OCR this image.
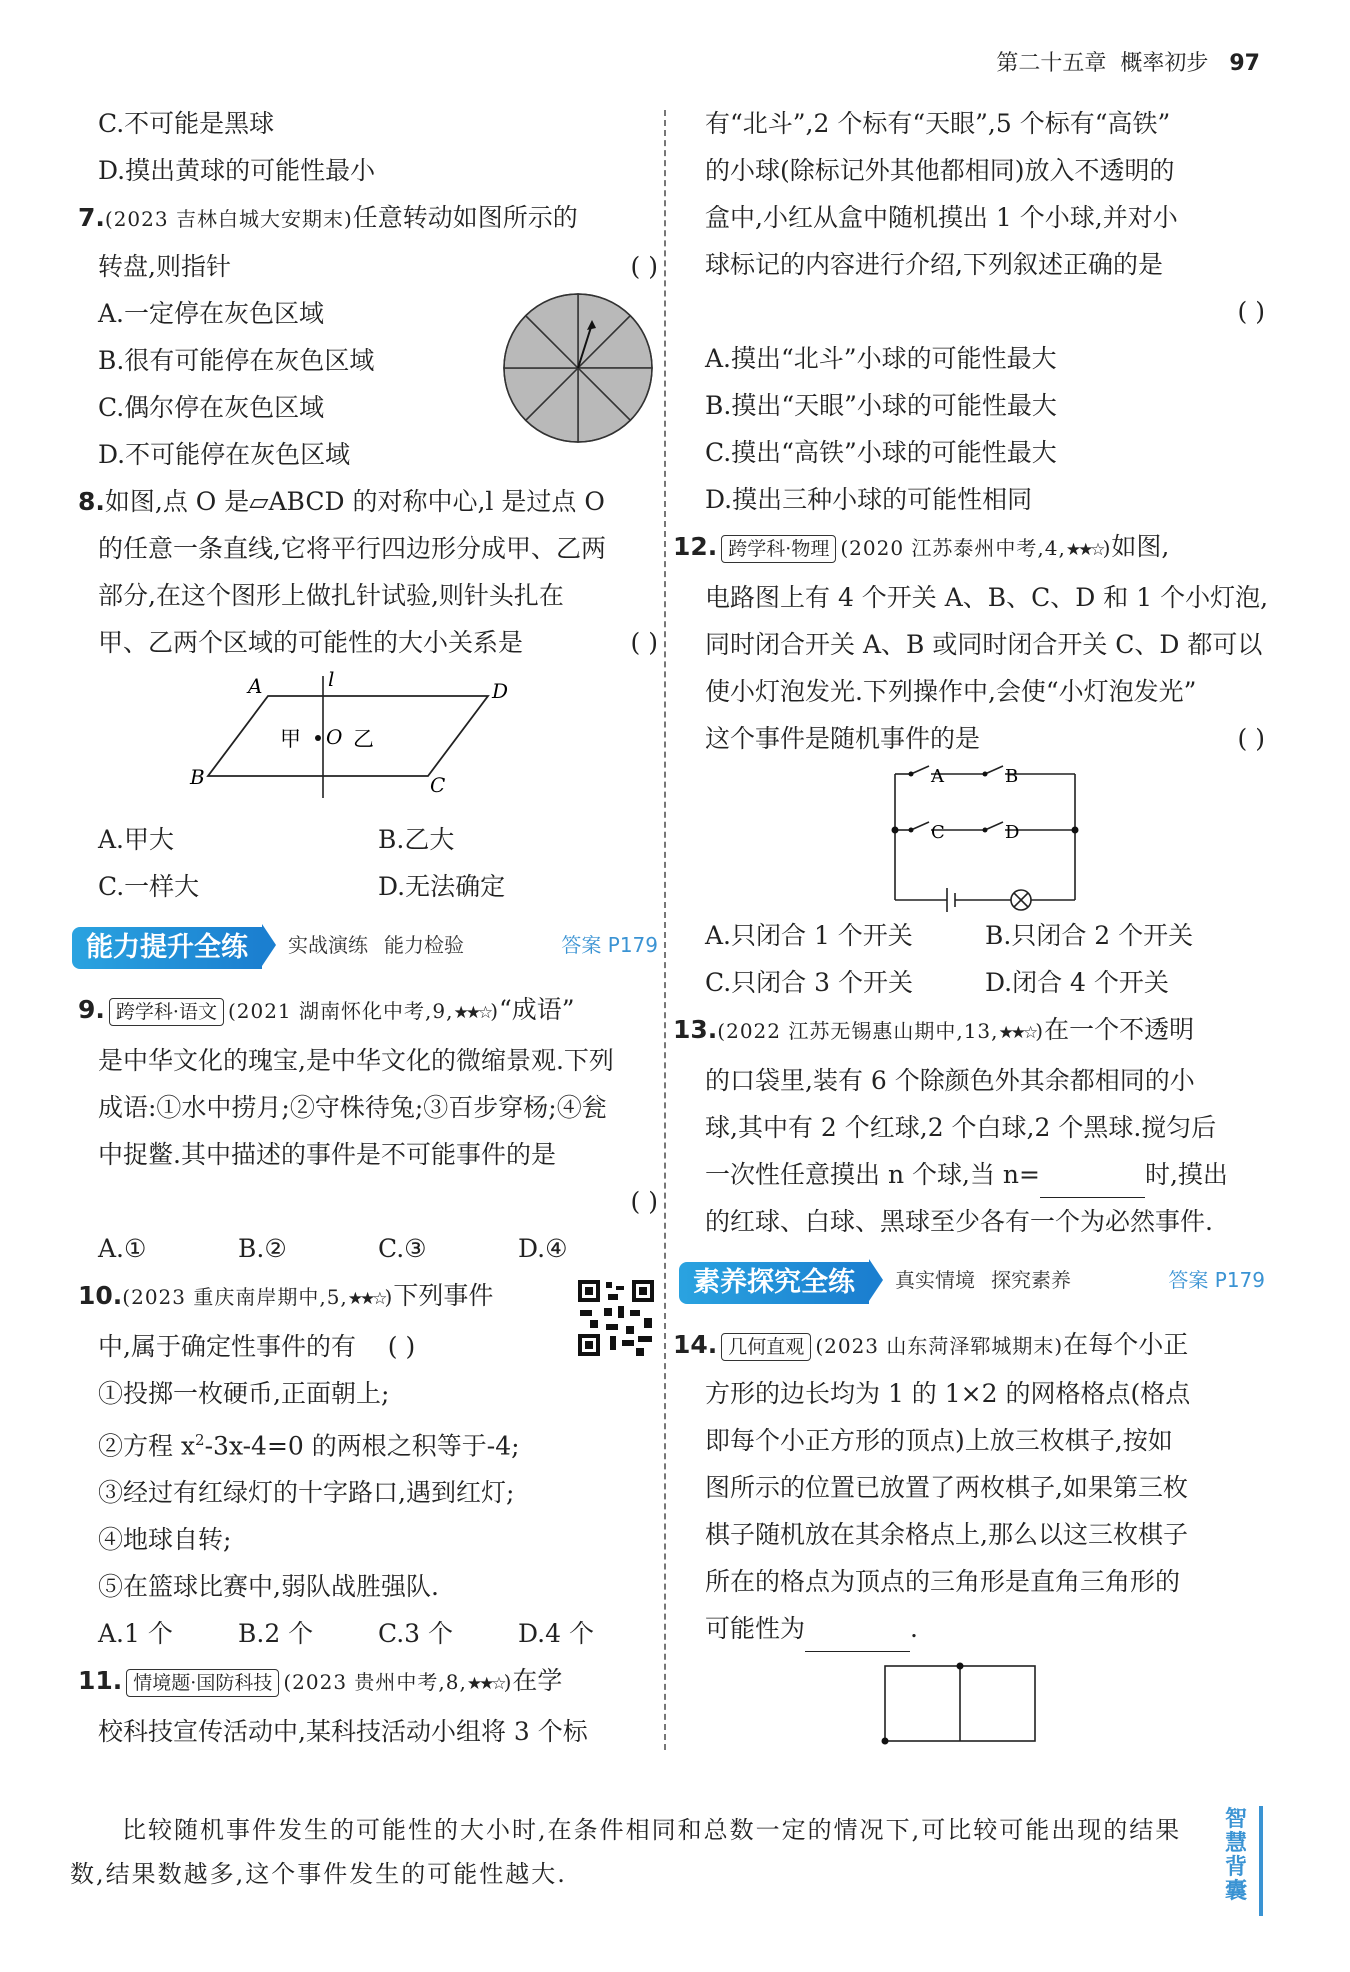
第二十五章 概率初步 97
C.不可能是黑球
D.摸出黄球的可能性最小
7.(2023 吉林白城大安期末)任意转动如图所示的
转盘,则指针	( )
A.一定停在灰色区域
B.很有可能停在灰色区域
C.偶尔停在灰色区域
D.不可能停在灰色区域
8.如图,点 O 是▱ABCD 的对称中心,l 是过点 O
的任意一条直线,它将平行四边形分成甲、乙两
部分,在这个图形上做扎针试验,则针头扎在
甲、乙两个区域的可能性的大小关系是	( )
A	D
B	C
l
O
甲 乙
A.甲大	B.乙大
C.一样大	D.无法确定
能力提升全练 $^{实战演练}$ $^{能力检验}$	答案 P179
9. 跨学科·语文 (2021 湖南怀化中考,9,★★☆)“成语”
是中华文化的瑰宝,是中华文化的微缩景观.下列
成语:①水中捞月;②守株待兔;③百步穿杨;④瓮
中捉鳖.其中描述的事件是不可能事件的是
( )
A.①	B.②	C.③	D.④
10.(2023 重庆南岸期中,5,★★☆)下列事件
中,属于确定性事件的有 ( )
①投掷一枚硬币,正面朝上;
②方程 $x^2-3x-4=0$ 的两根之积等于-4;
③经过有红绿灯的十字路口,遇到红灯;
④地球自转;
⑤在篮球比赛中,弱队战胜强队.
A.1 个	B.2 个	C.3 个	D.4 个
11. 情境题·国防科技 (2023 贵州中考,8,★★☆)在学
校科技宣传活动中,某科技活动小组将 3 个标
有“北斗”,2 个标有“天眼”,5 个标有“高铁”
的小球(除标记外其他都相同)放入不透明的
盒中,小红从盒中随机摸出 1 个小球,并对小
球标记的内容进行介绍,下列叙述正确的是
( )
A.摸出“北斗”小球的可能性最大
B.摸出“天眼”小球的可能性最大
C.摸出“高铁”小球的可能性最大
D.摸出三种小球的可能性相同
12. 跨学科·物理 (2020 江苏泰州中考,4,★★☆)如图,
电路图上有 4 个开关 A、B、C、D 和 1 个小灯泡,
同时闭合开关 A、B 或同时闭合开关 C、D 都可以
使小灯泡发光.下列操作中,会使“小灯泡发光”
这个事件是随机事件的是	( )
A	B
C	D
A.只闭合 1 个开关	B.只闭合 2 个开关
C.只闭合 3 个开关	D.闭合 4 个开关
13.(2022 江苏无锡惠山期中,13,★★☆)在一个不透明
的口袋里,装有 6 个除颜色外其余都相同的小
球,其中有 2 个红球,2 个白球,2 个黑球.搅匀后
一次性任意摸出 n 个球,当 n=	时,摸出
的红球、白球、黑球至少各有一个为必然事件.
素养探究全练 $^{真实情境}$ $^{探究素养}$	答案 P179
14. 几何直观 (2023 山东菏泽郓城期末)在每个小正
方形的边长均为 1 的 1×2 的网格格点(格点
即每个小正方形的顶点)上放三枚棋子,按如
图所示的位置已放置了两枚棋子,如果第三枚
棋子随机放在其余格点上,那么以这三枚棋子
所在的格点为顶点的三角形是直角三角形的
可能性为	.
比较随机事件发生的可能性的大小时,在条件相同和总数一定的情况下,可比较可能出现的结果
数,结果数越多,这个事件发生的可能性越大.
智慧背囊
